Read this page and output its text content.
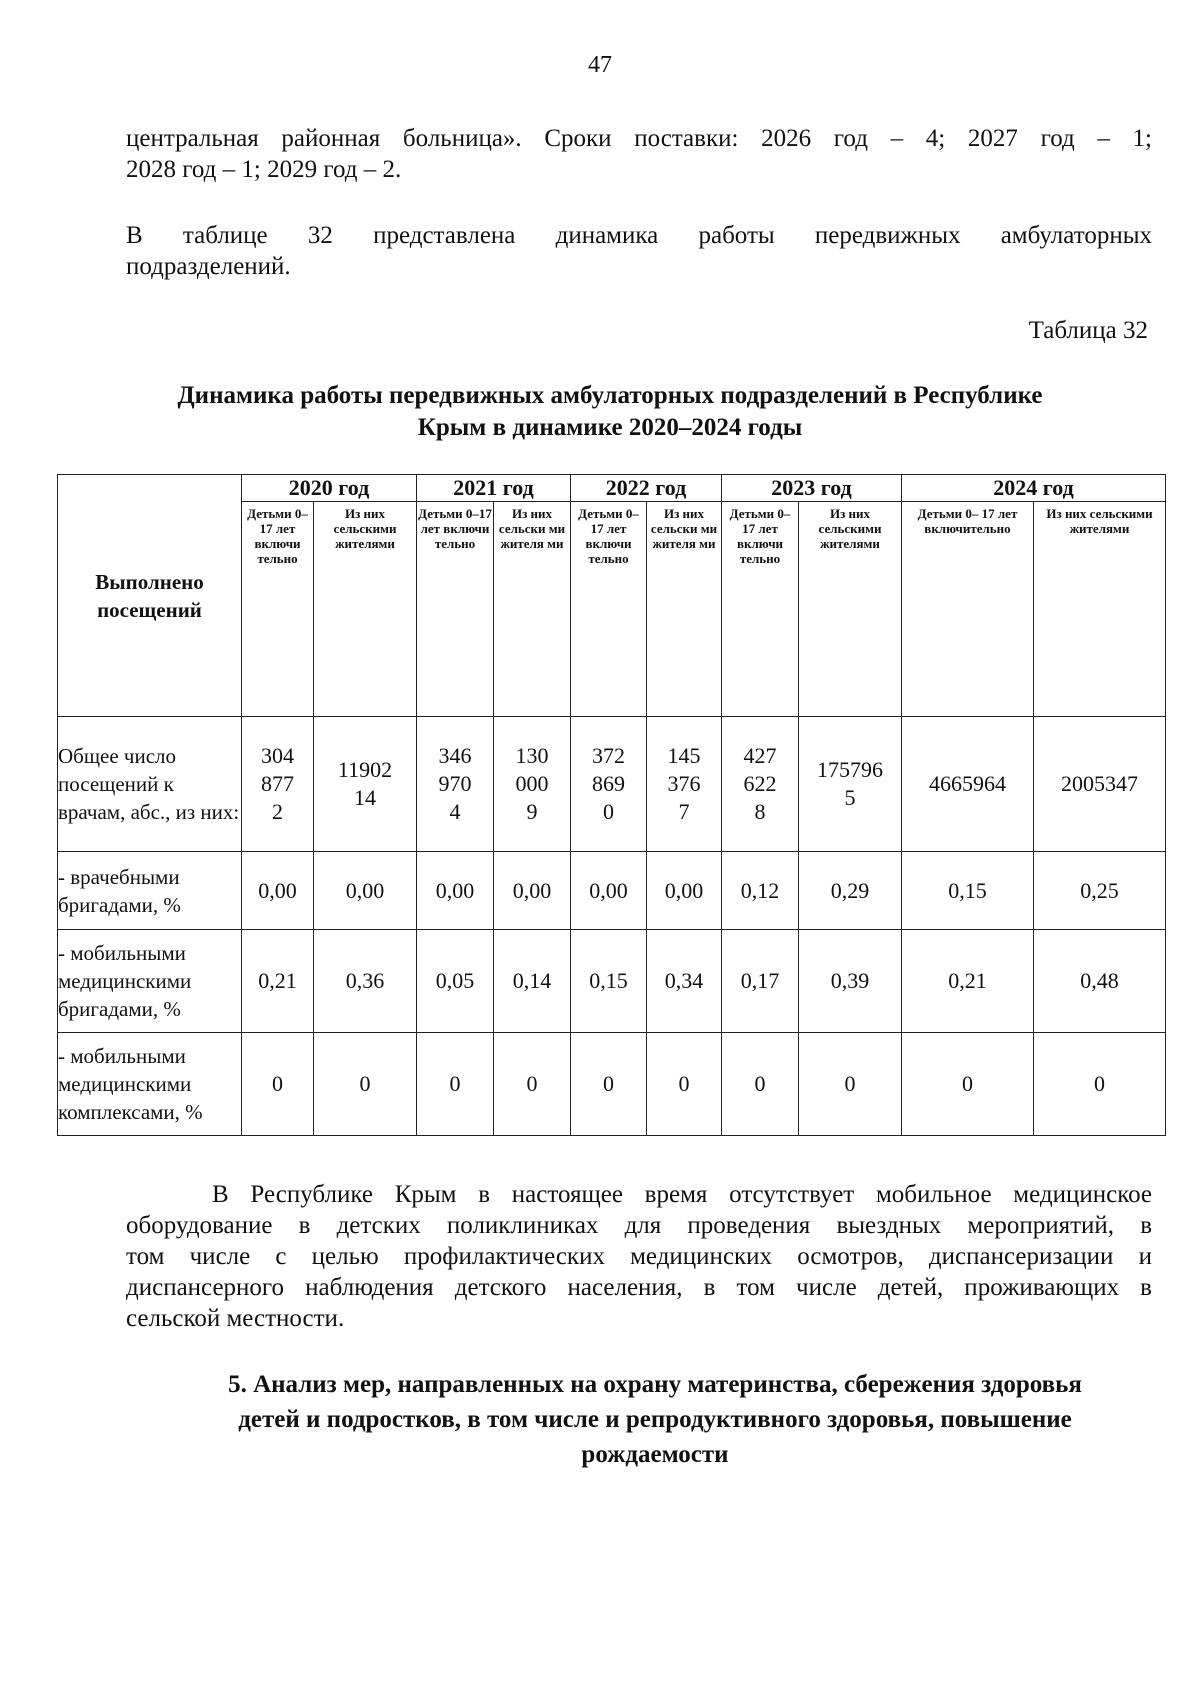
47
центральная районная больница». Сроки поставки: 2026 год – 4; 2027 год – 1;
2028 год – 1; 2029 год – 2.
В таблице 32 представлена динамика работы передвижных амбулаторных
подразделений.
Таблица 32
Динамика работы передвижных амбулаторных подразделений в Республике
Крым в динамике 2020–2024 годы
Выполнено посещений	2020 год		2021 год		2022 год		2023 год		2024 год	
	Детьми 0–17 лет включи тельно	Из них сельскими жителями	Детьми 0–17 лет включи тельно	Из них сельски ми жителя ми	Детьми 0– 17 лет включи тельно	Из них сельски ми жителя ми	Детьми 0– 17 лет включи тельно	Из них сельскими жителями	Детьми 0– 17 лет включительно	Из них сельскими жителями
Общее число посещений к врачам, абс., из них:	3048772	1190214	3469704	1300009	3728690	1453767	4276228	1757965	4665964	2005347
- врачебными бригадами, %	0,00	0,00	0,00	0,00	0,00	0,00	0,12	0,29	0,15	0,25
- мобильными медицинскими бригадами, %	0,21	0,36	0,05	0,14	0,15	0,34	0,17	0,39	0,21	0,48
- мобильными медицинскими комплексами, %	0	0	0	0	0	0	0	0	0	0
В Республике Крым в настоящее время отсутствует мобильное медицинское
оборудование в детских поликлиниках для проведения выездных мероприятий, в
том числе с целью профилактических медицинских осмотров, диспансеризации и
диспансерного наблюдения детского населения, в том числе детей, проживающих в
сельской местности.
5. Анализ мер, направленных на охрану материнства, сбережения здоровья
детей и подростков, в том числе и репродуктивного здоровья, повышение
рождаемости
